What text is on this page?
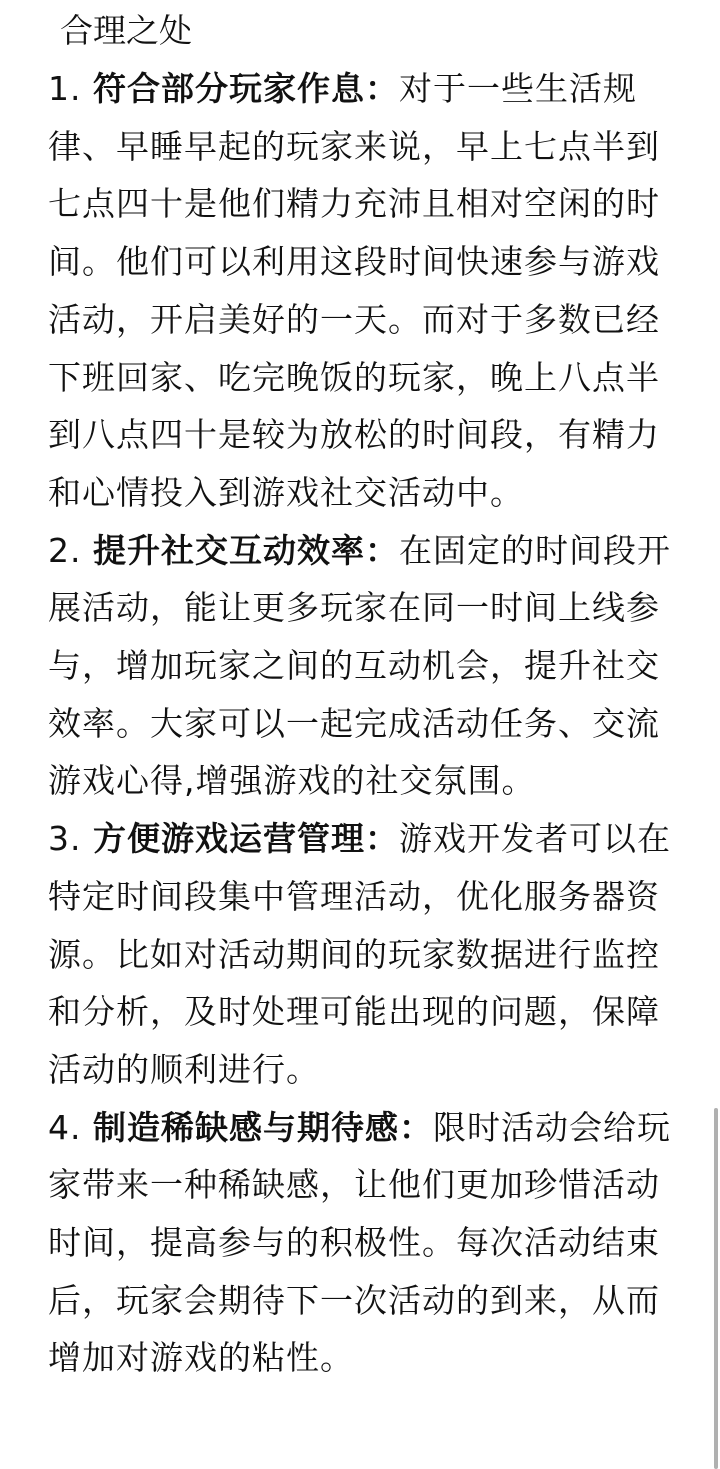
合理之处

1. 符合部分玩家作息：对于一些生活规律、早睡早起的玩家来说，早上七点半到七点四十是他们精力充沛且相对空闲的时间。他们可以利用这段时间快速参与游戏活动，开启美好的一天。而对于多数已经下班回家、吃完晚饭的玩家，晚上八点半到八点四十是较为放松的时间段，有精力和心情投入到游戏社交活动中。

2. 提升社交互动效率：在固定的时间段开展活动，能让更多玩家在同一时间上线参与，增加玩家之间的互动机会，提升社交效率。大家可以一起完成活动任务、交流游戏心得,增强游戏的社交氛围。

3. 方便游戏运营管理：游戏开发者可以在特定时间段集中管理活动，优化服务器资源。比如对活动期间的玩家数据进行监控和分析，及时处理可能出现的问题，保障活动的顺利进行。

4. 制造稀缺感与期待感：限时活动会给玩家带来一种稀缺感，让他们更加珍惜活动时间，提高参与的积极性。每次活动结束后，玩家会期待下一次活动的到来，从而增加对游戏的粘性。
